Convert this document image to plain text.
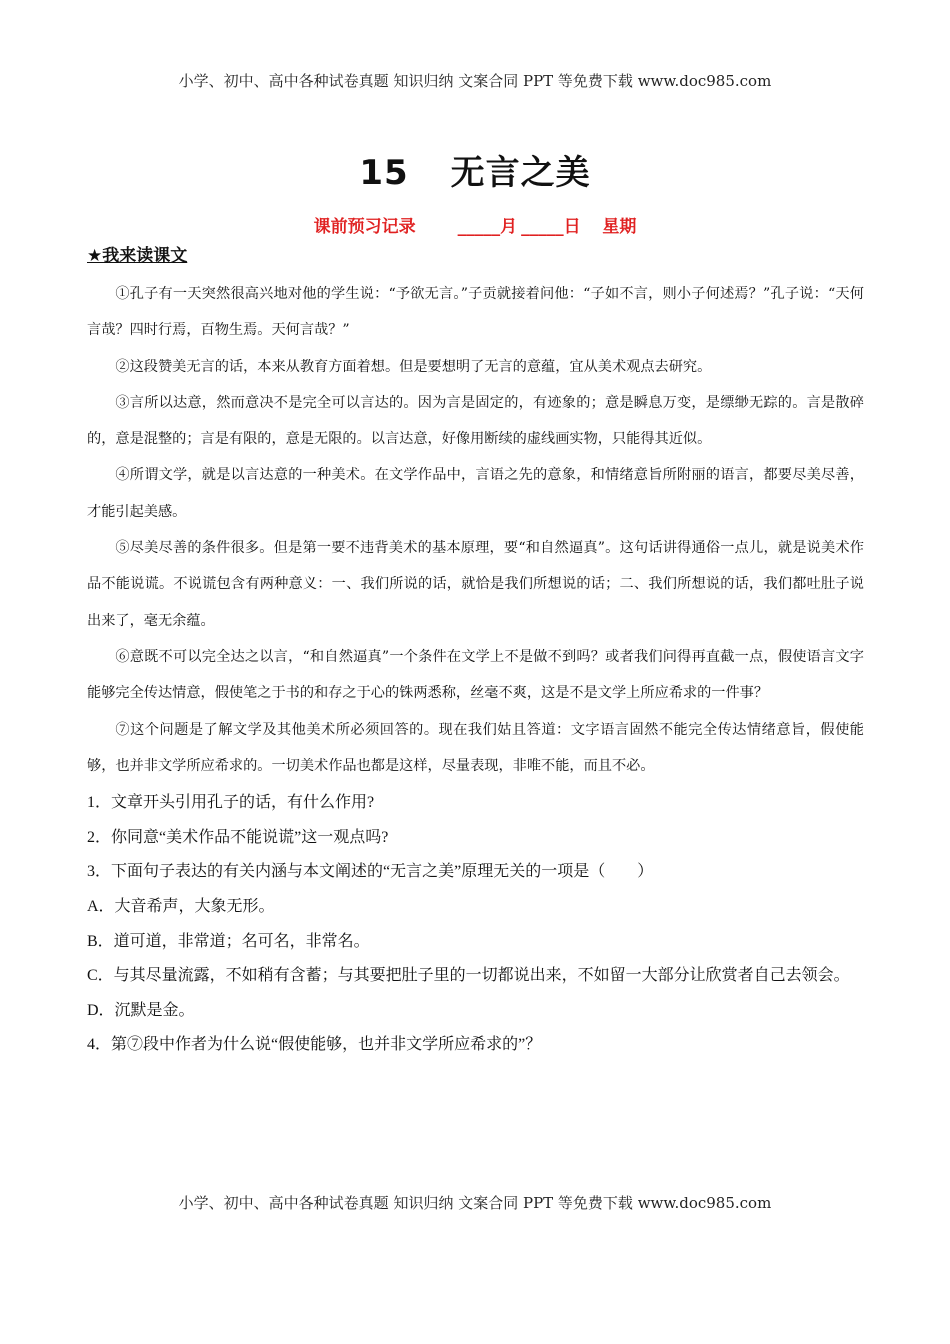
小学、初中、高中各种试卷真题 知识归纳 文案合同 PPT 等免费下载 www.doc985.com
15 无言之美
课前预习记录 _____月 _____日 星期
★我来读课文

①孔子有一天突然很高兴地对他的学生说：“予欲无言。”子贡就接着问他：“子如不言，则小子何述焉？”孔子说：“天何言哉？四时行焉，百物生焉。天何言哉？”

②这段赞美无言的话，本来从教育方面着想。但是要想明了无言的意蕴，宜从美术观点去研究。

③言所以达意，然而意决不是完全可以言达的。因为言是固定的，有迹象的；意是瞬息万变，是缥缈无踪的。言是散碎的，意是混整的；言是有限的，意是无限的。以言达意，好像用断续的虚线画实物，只能得其近似。

④所谓文学，就是以言达意的一种美术。在文学作品中，言语之先的意象，和情绪意旨所附丽的语言，都要尽美尽善，才能引起美感。

⑤尽美尽善的条件很多。但是第一要不违背美术的基本原理，要“和自然逼真”。这句话讲得通俗一点儿，就是说美术作品不能说谎。不说谎包含有两种意义：一、我们所说的话，就恰是我们所想说的话；二、我们所想说的话，我们都吐肚子说出来了，毫无余蕴。

⑥意既不可以完全达之以言，“和自然逼真”一个条件在文学上不是做不到吗？或者我们问得再直截一点，假使语言文字能够完全传达情意，假使笔之于书的和存之于心的铢两悉称，丝毫不爽，这是不是文学上所应希求的一件事？

⑦这个问题是了解文学及其他美术所必须回答的。现在我们姑且答道：文字语言固然不能完全传达情绪意旨，假使能够，也并非文学所应希求的。一切美术作品也都是这样，尽量表现，非唯不能，而且不必。

1．文章开头引用孔子的话，有什么作用?

2．你同意“美术作品不能说谎”这一观点吗?

3．下面句子表达的有关内涵与本文阐述的“无言之美”原理无关的一项是（　　）

A．大音希声，大象无形。

B．道可道，非常道；名可名，非常名。

C．与其尽量流露，不如稍有含蓄；与其要把肚子里的一切都说出来，不如留一大部分让欣赏者自己去领会。

D．沉默是金。

4．第⑦段中作者为什么说“假使能够，也并非文学所应希求的”？

小学、初中、高中各种试卷真题 知识归纳 文案合同 PPT 等免费下载 www.doc985.com
